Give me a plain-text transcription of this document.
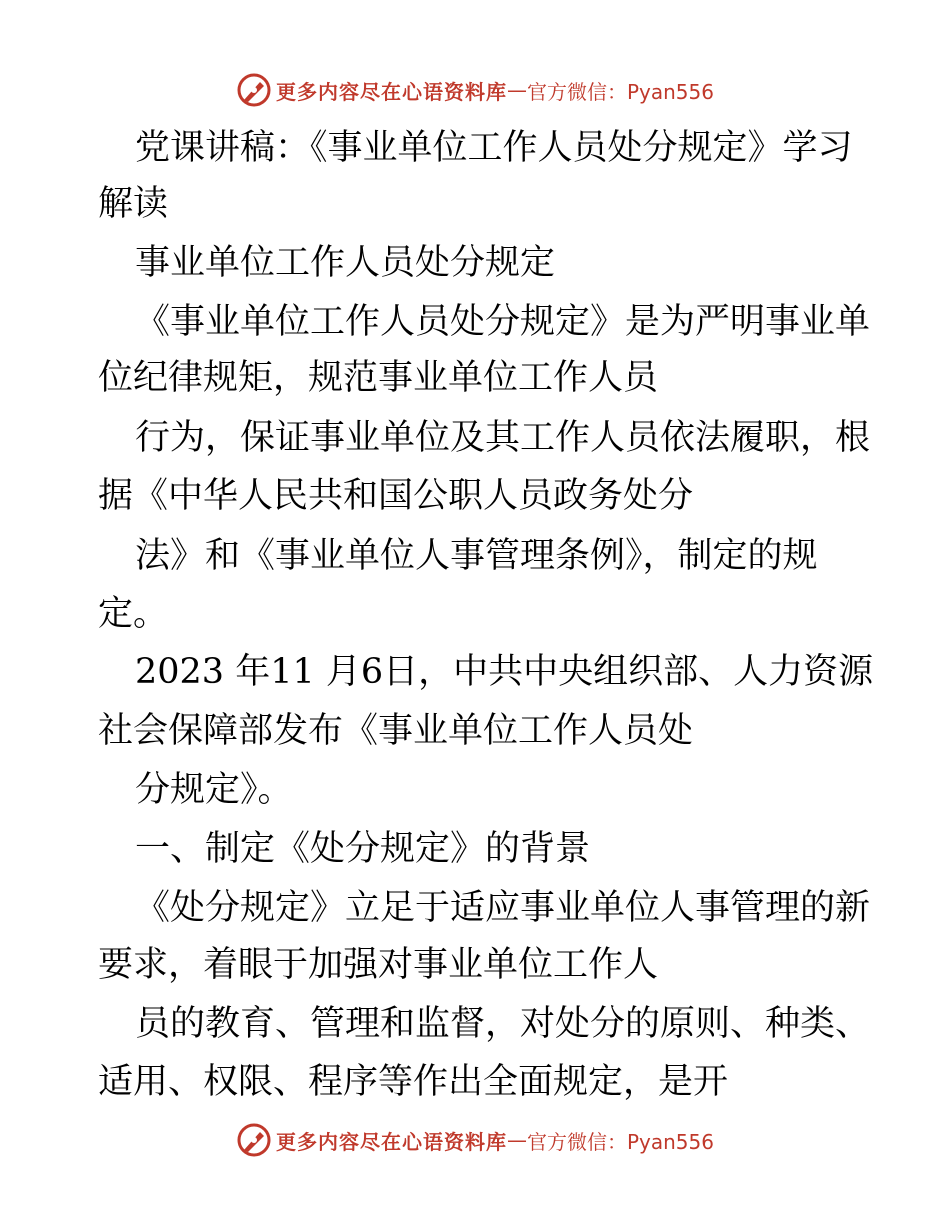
更多内容尽在心语资料库 — 官方微信：Pyan556
党课讲稿：《事业单位工作人员处分规定》学习
解读
事业单位工作人员处分规定
《事业单位工作人员处分规定》是为严明事业单
位纪律规矩，规范事业单位工作人员
行为，保证事业单位及其工作人员依法履职，根
据《中华人民共和国公职人员政务处分
法》和《事业单位人事管理条例》，制定的规
定。
2023 年11 月6日，中共中央组织部、人力资源
社会保障部发布《事业单位工作人员处
分规定》。
一、制定《处分规定》的背景
《处分规定》立足于适应事业单位人事管理的新
要求，着眼于加强对事业单位工作人
员的教育、管理和监督，对处分的原则、种类、
适用、权限、程序等作出全面规定，是开
更多内容尽在心语资料库 — 官方微信：Pyan556
